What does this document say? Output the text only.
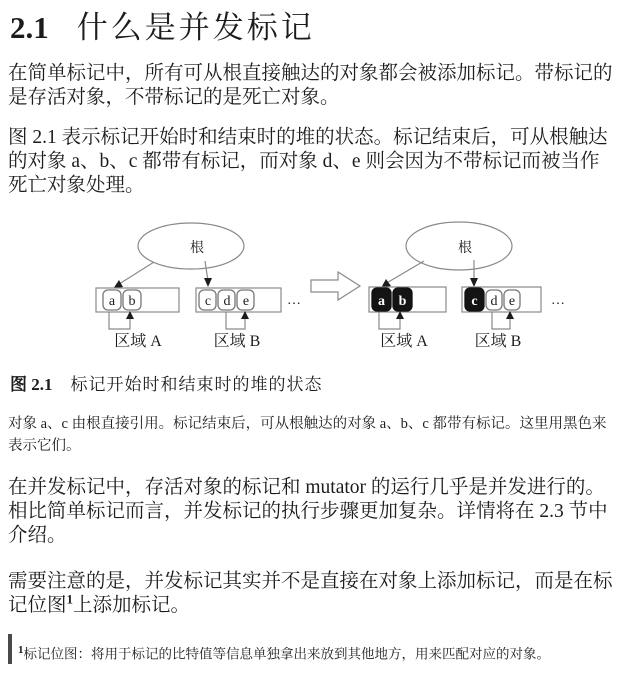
2.1 什么是并发标记
在简单标记中，所有可从根直接触达的对象都会被添加标记。带标记的
是存活对象，不带标记的是死亡对象。
图 2.1 表示标记开始时和结束时的堆的状态。标记结束后，可从根触达
的对象 a、b、c 都带有标记，而对象 d、e 则会因为不带标记而被当作
死亡对象处理。
根
a b	c d e	…
区域 A	区域 B
根
a b	c d e	…
区域 A	区域 B
图 2.1 标记开始时和结束时的堆的状态
对象 a、c 由根直接引用。标记结束后，可从根触达的对象 a、b、c 都带有标记。这里用黑色来
表示它们。
在并发标记中，存活对象的标记和 mutator 的运行几乎是并发进行的。
相比简单标记而言，并发标记的执行步骤更加复杂。详情将在 2.3 节中
介绍。
需要注意的是，并发标记其实并不是直接在对象上添加标记，而是在标
记位图$^1$上添加标记。
$^1$标记位图：将用于标记的比特值等信息单独拿出来放到其他地方，用来匹配对应的对象。
